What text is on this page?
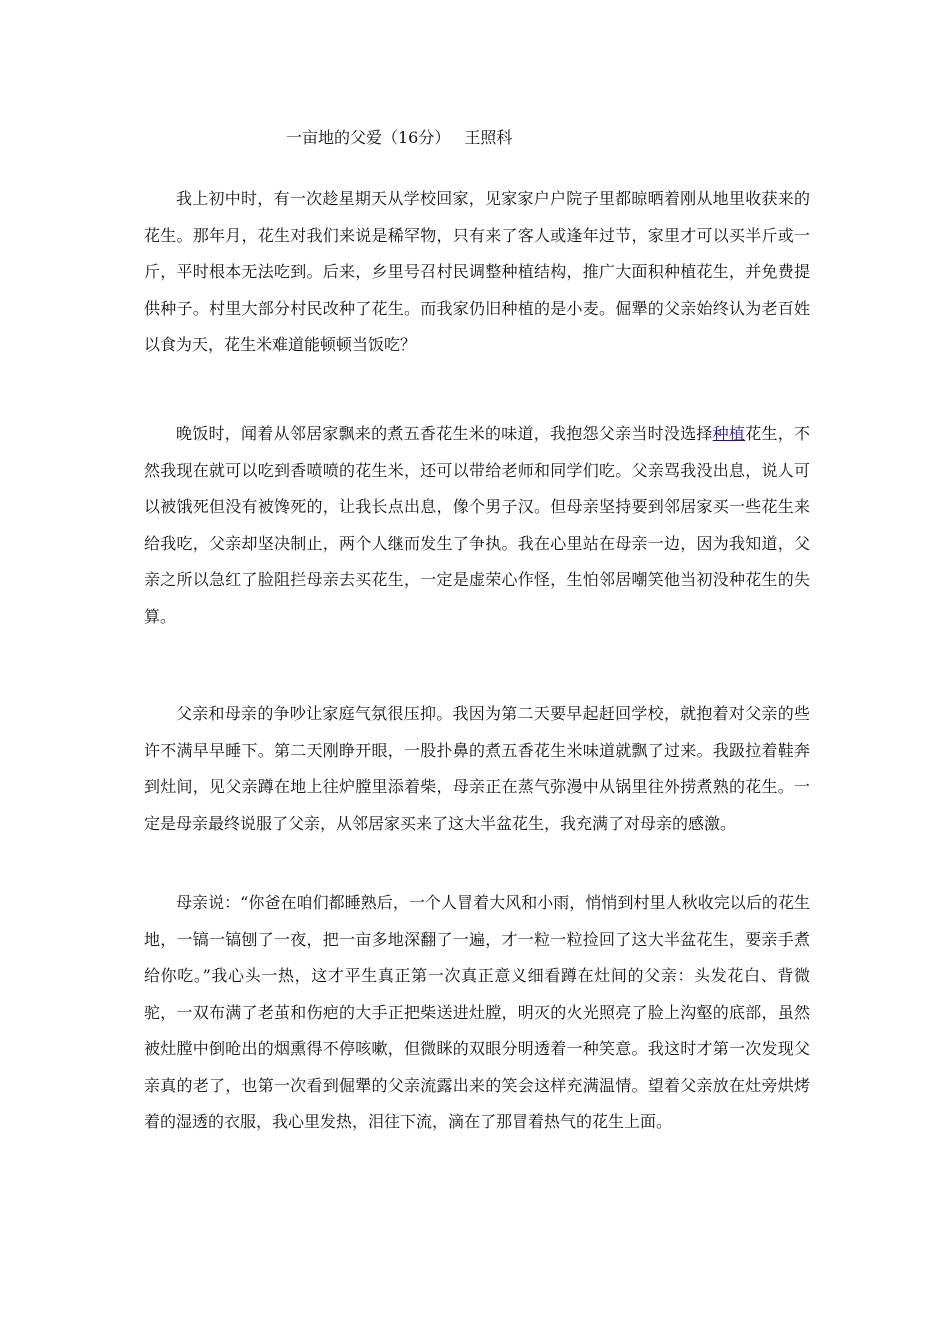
一亩地的父爱（16分） 王照科

我上初中时，有一次趁星期天从学校回家，见家家户户院子里都晾晒着刚从地里收获来的花生。那年月，花生对我们来说是稀罕物，只有来了客人或逢年过节，家里才可以买半斤或一斤，平时根本无法吃到。后来，乡里号召村民调整种植结构，推广大面积种植花生，并免费提供种子。村里大部分村民改种了花生。而我家仍旧种植的是小麦。倔犟的父亲始终认为老百姓以食为天，花生米难道能顿顿当饭吃？

晚饭时，闻着从邻居家飘来的煮五香花生米的味道，我抱怨父亲当时没选择种植花生，不然我现在就可以吃到香喷喷的花生米，还可以带给老师和同学们吃。父亲骂我没出息，说人可以被饿死但没有被馋死的，让我长点出息，像个男子汉。但母亲坚持要到邻居家买一些花生来给我吃，父亲却坚决制止，两个人继而发生了争执。我在心里站在母亲一边，因为我知道，父亲之所以急红了脸阻拦母亲去买花生，一定是虚荣心作怪，生怕邻居嘲笑他当初没种花生的失算。

父亲和母亲的争吵让家庭气氛很压抑。我因为第二天要早起赶回学校，就抱着对父亲的些许不满早早睡下。第二天刚睁开眼，一股扑鼻的煮五香花生米味道就飘了过来。我趿拉着鞋奔到灶间，见父亲蹲在地上往炉膛里添着柴，母亲正在蒸气弥漫中从锅里往外捞煮熟的花生。一定是母亲最终说服了父亲，从邻居家买来了这大半盆花生，我充满了对母亲的感激。

母亲说：“你爸在咱们都睡熟后，一个人冒着大风和小雨，悄悄到村里人秋收完以后的花生地，一镐一镐刨了一夜，把一亩多地深翻了一遍，才一粒一粒捡回了这大半盆花生，要亲手煮给你吃。”我心头一热，这才平生真正第一次真正意义细看蹲在灶间的父亲：头发花白、背微驼，一双布满了老茧和伤疤的大手正把柴送进灶膛，明灭的火光照亮了脸上沟壑的底部，虽然被灶膛中倒呛出的烟熏得不停咳嗽，但微眯的双眼分明透着一种笑意。我这时才第一次发现父亲真的老了，也第一次看到倔犟的父亲流露出来的笑会这样充满温情。望着父亲放在灶旁烘烤着的湿透的衣服，我心里发热，泪往下流，滴在了那冒着热气的花生上面。
